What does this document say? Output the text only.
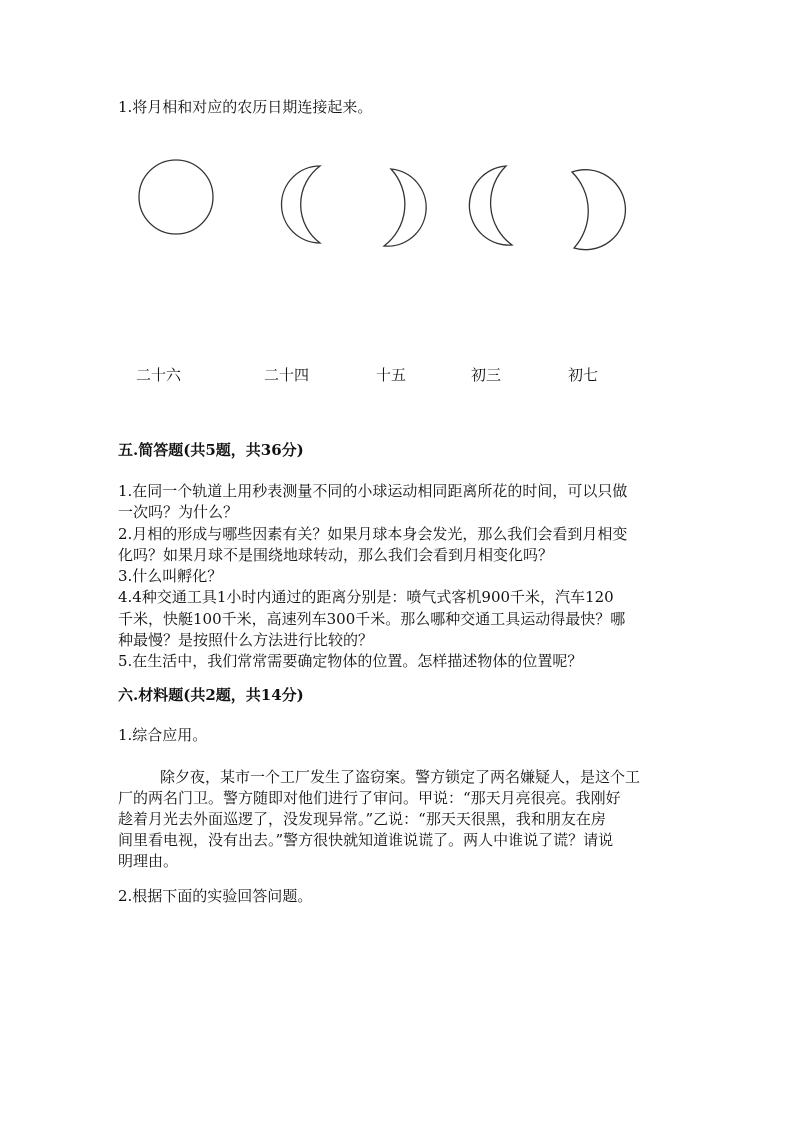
1.将月相和对应的农历日期连接起来。
二十六	二十四	十五	初三	初七
五.简答题(共5题，共36分)
1.在同一个轨道上用秒表测量不同的小球运动相同距离所花的时间，可以只做
一次吗？为什么？
2.月相的形成与哪些因素有关？如果月球本身会发光，那么我们会看到月相变
化吗？如果月球不是围绕地球转动，那么我们会看到月相变化吗？
3.什么叫孵化？
4.4种交通工具1小时内通过的距离分别是：喷气式客机900千米，汽车120
千米，快艇100千米，高速列车300千米。那么哪种交通工具运动得最快？哪
种最慢？是按照什么方法进行比较的？
5.在生活中，我们常常需要确定物体的位置。怎样描述物体的位置呢？
六.材料题(共2题，共14分)
1.综合应用。
除夕夜，某市一个工厂发生了盗窃案。警方锁定了两名嫌疑人，是这个工
厂的两名门卫。警方随即对他们进行了审问。甲说：“那天月亮很亮。我刚好
趁着月光去外面巡逻了，没发现异常。”乙说：“那天天很黑，我和朋友在房
间里看电视，没有出去。”警方很快就知道谁说谎了。两人中谁说了谎？请说
明理由。
2.根据下面的实验回答问题。
